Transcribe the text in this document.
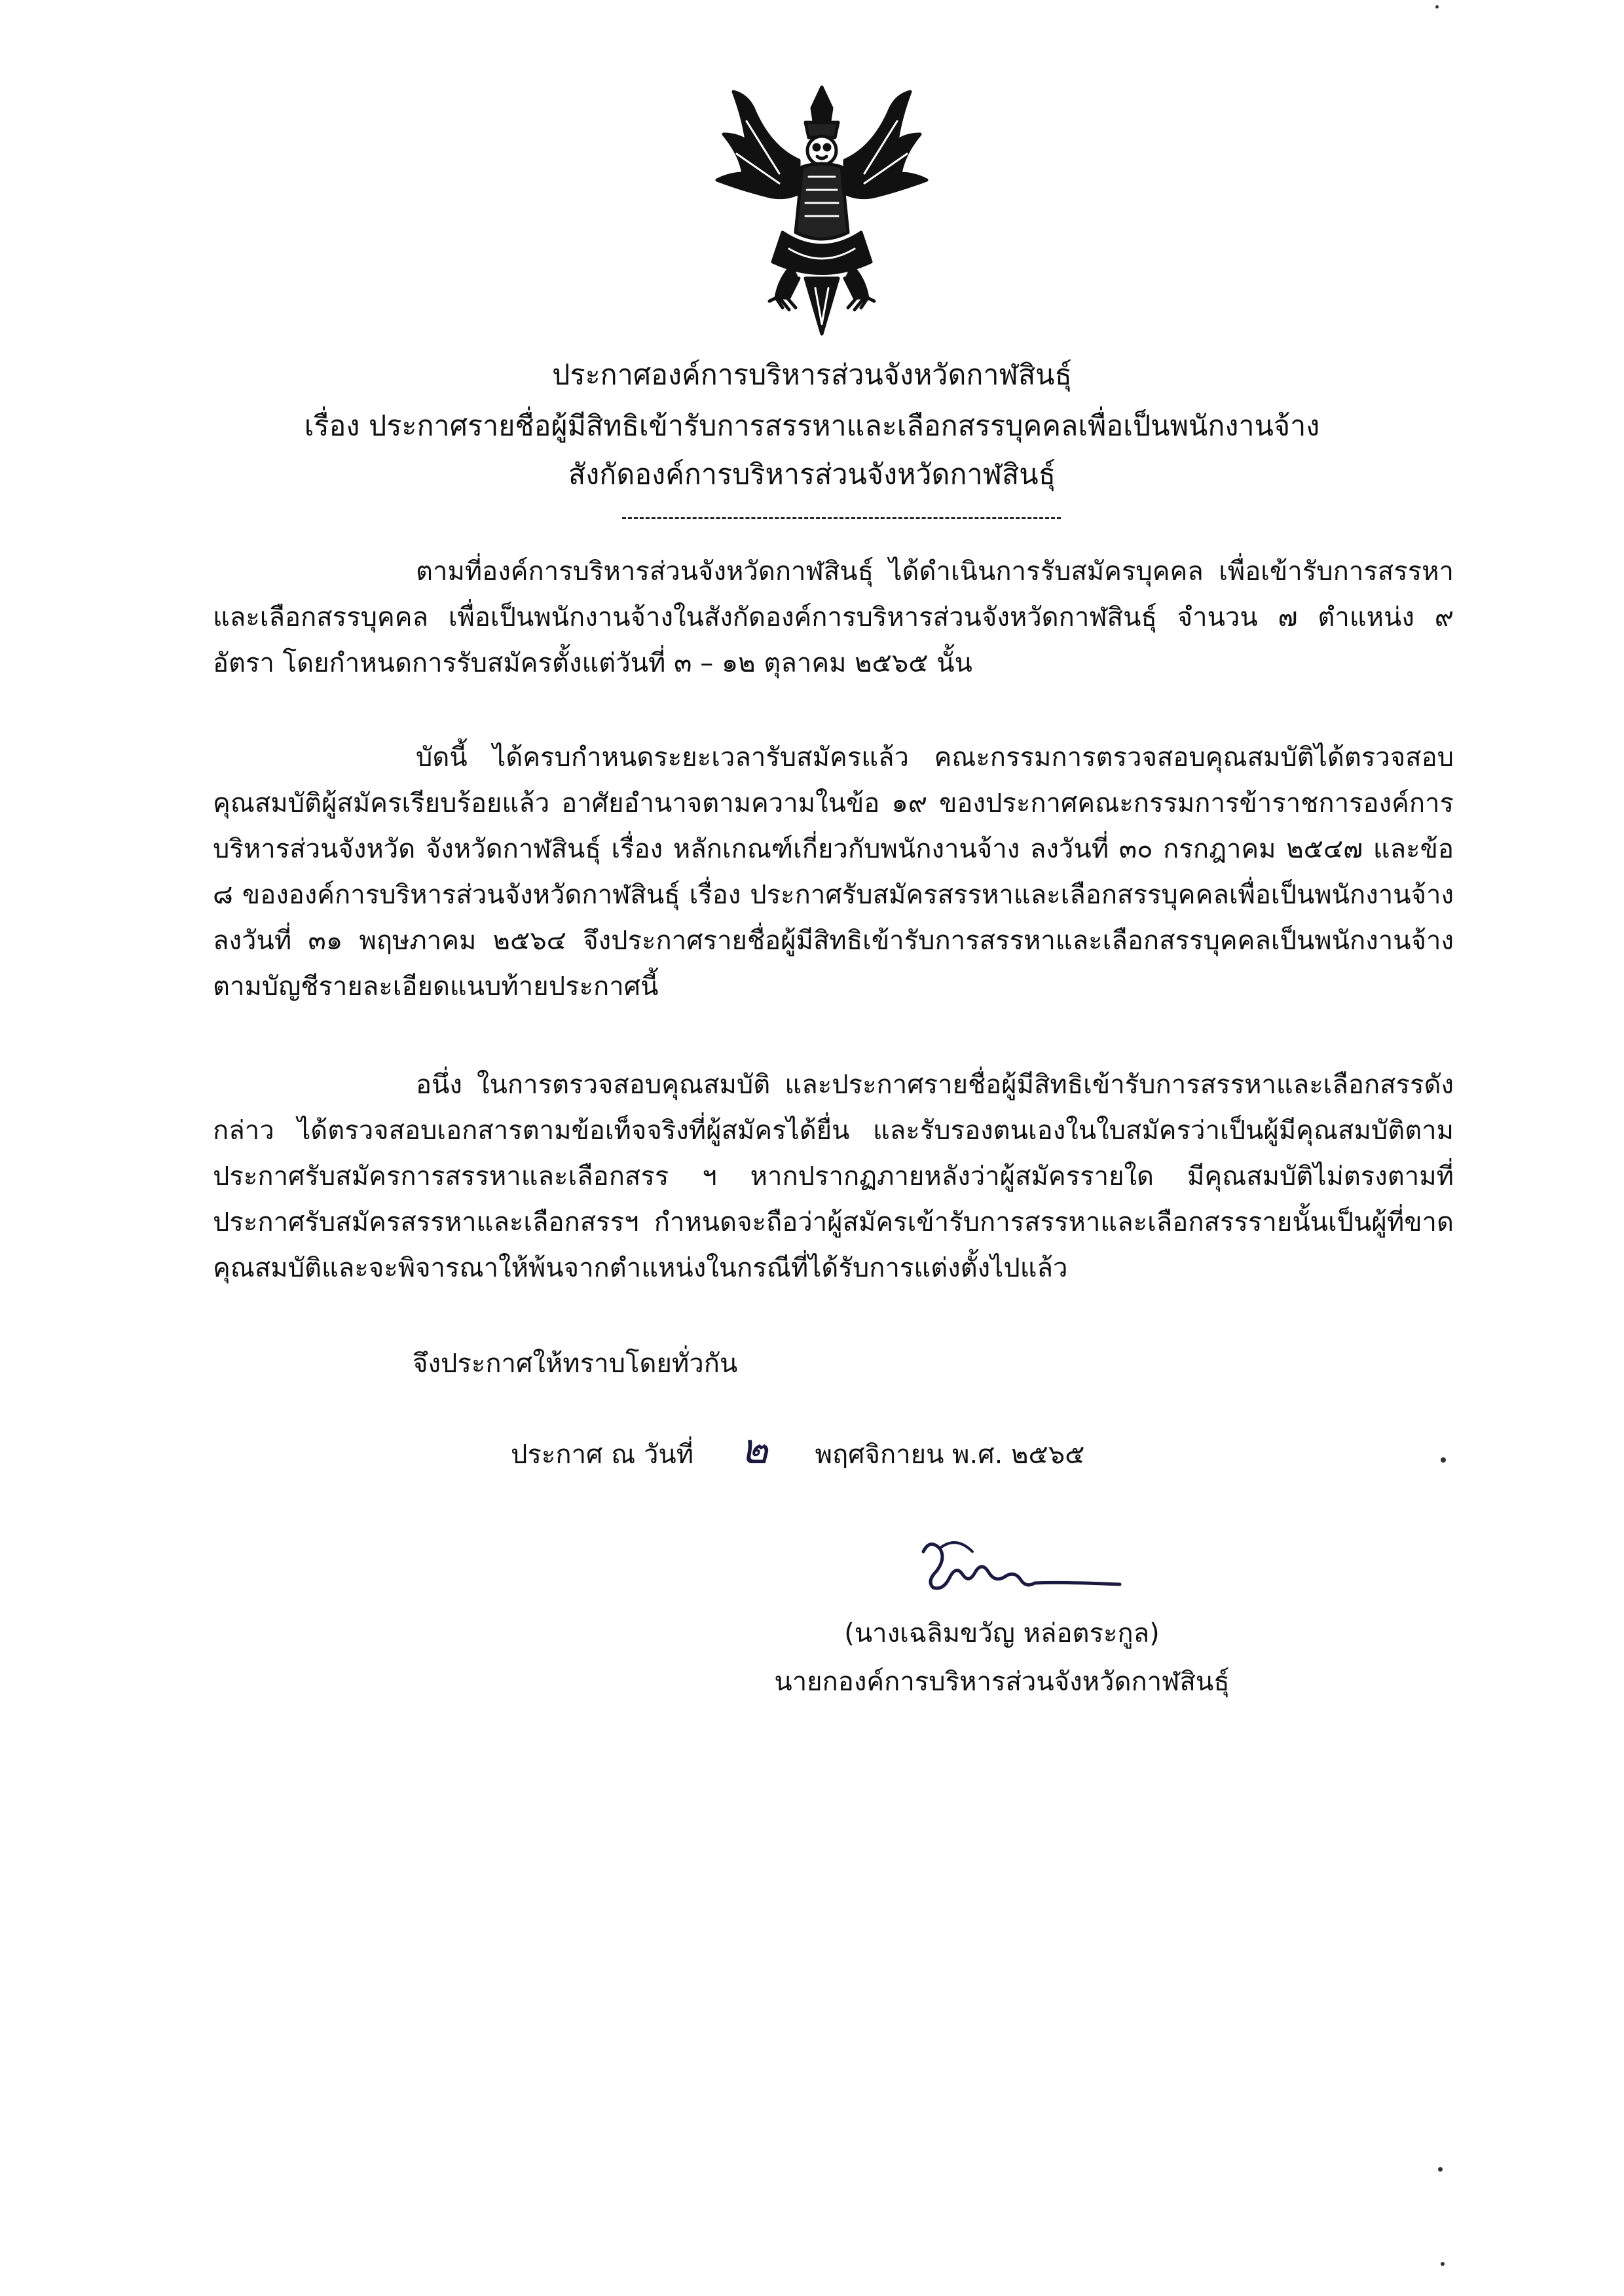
ประกาศองค์การบริหารส่วนจังหวัดกาฬสินธุ์
เรื่อง ประกาศรายชื่อผู้มีสิทธิเข้ารับการสรรหาและเลือกสรรบุคคลเพื่อเป็นพนักงานจ้าง
สังกัดองค์การบริหารส่วนจังหวัดกาฬสินธุ์
ตามที่องค์การบริหารส่วนจังหวัดกาฬสินธุ์ ได้ดำเนินการรับสมัครบุคคล เพื่อเข้ารับการสรรหาและเลือกสรรบุคคล เพื่อเป็นพนักงานจ้างในสังกัดองค์การบริหารส่วนจังหวัดกาฬสินธุ์ จำนวน ๗ ตำแหน่ง ๙ อัตรา โดยกำหนดการรับสมัครตั้งแต่วันที่ ๓ – ๑๒ ตุลาคม ๒๕๖๕ นั้น
บัดนี้ ได้ครบกำหนดระยะเวลารับสมัครแล้ว คณะกรรมการตรวจสอบคุณสมบัติได้ตรวจสอบคุณสมบัติผู้สมัครเรียบร้อยแล้ว อาศัยอำนาจตามความในข้อ ๑๙ ของประกาศคณะกรรมการข้าราชการองค์การบริหารส่วนจังหวัด จังหวัดกาฬสินธุ์ เรื่อง หลักเกณฑ์เกี่ยวกับพนักงานจ้าง ลงวันที่ ๓๐ กรกฎาคม ๒๕๔๗ และข้อ ๘ ขององค์การบริหารส่วนจังหวัดกาฬสินธุ์ เรื่อง ประกาศรับสมัครสรรหาและเลือกสรรบุคคลเพื่อเป็นพนักงานจ้าง ลงวันที่ ๓๑ พฤษภาคม ๒๕๖๔ จึงประกาศรายชื่อผู้มีสิทธิเข้ารับการสรรหาและเลือกสรรบุคคลเป็นพนักงานจ้าง ตามบัญชีรายละเอียดแนบท้ายประกาศนี้
อนึ่ง ในการตรวจสอบคุณสมบัติ และประกาศรายชื่อผู้มีสิทธิเข้ารับการสรรหาและเลือกสรรดังกล่าว ได้ตรวจสอบเอกสารตามข้อเท็จจริงที่ผู้สมัครได้ยื่น และรับรองตนเองในใบสมัครว่าเป็นผู้มีคุณสมบัติตามประกาศรับสมัครการสรรหาและเลือกสรร ฯ หากปรากฏภายหลังว่าผู้สมัครรายใด มีคุณสมบัติไม่ตรงตามที่ประกาศรับสมัครสรรหาและเลือกสรรฯ กำหนดจะถือว่าผู้สมัครเข้ารับการสรรหาและเลือกสรรรายนั้นเป็นผู้ที่ขาดคุณสมบัติและจะพิจารณาให้พ้นจากตำแหน่งในกรณีที่ได้รับการแต่งตั้งไปแล้ว
จึงประกาศให้ทราบโดยทั่วกัน
ประกาศ ณ วันที่ ๒ พฤศจิกายน พ.ศ. ๒๕๖๕
(นางเฉลิมขวัญ หล่อตระกูล)
นายกองค์การบริหารส่วนจังหวัดกาฬสินธุ์
